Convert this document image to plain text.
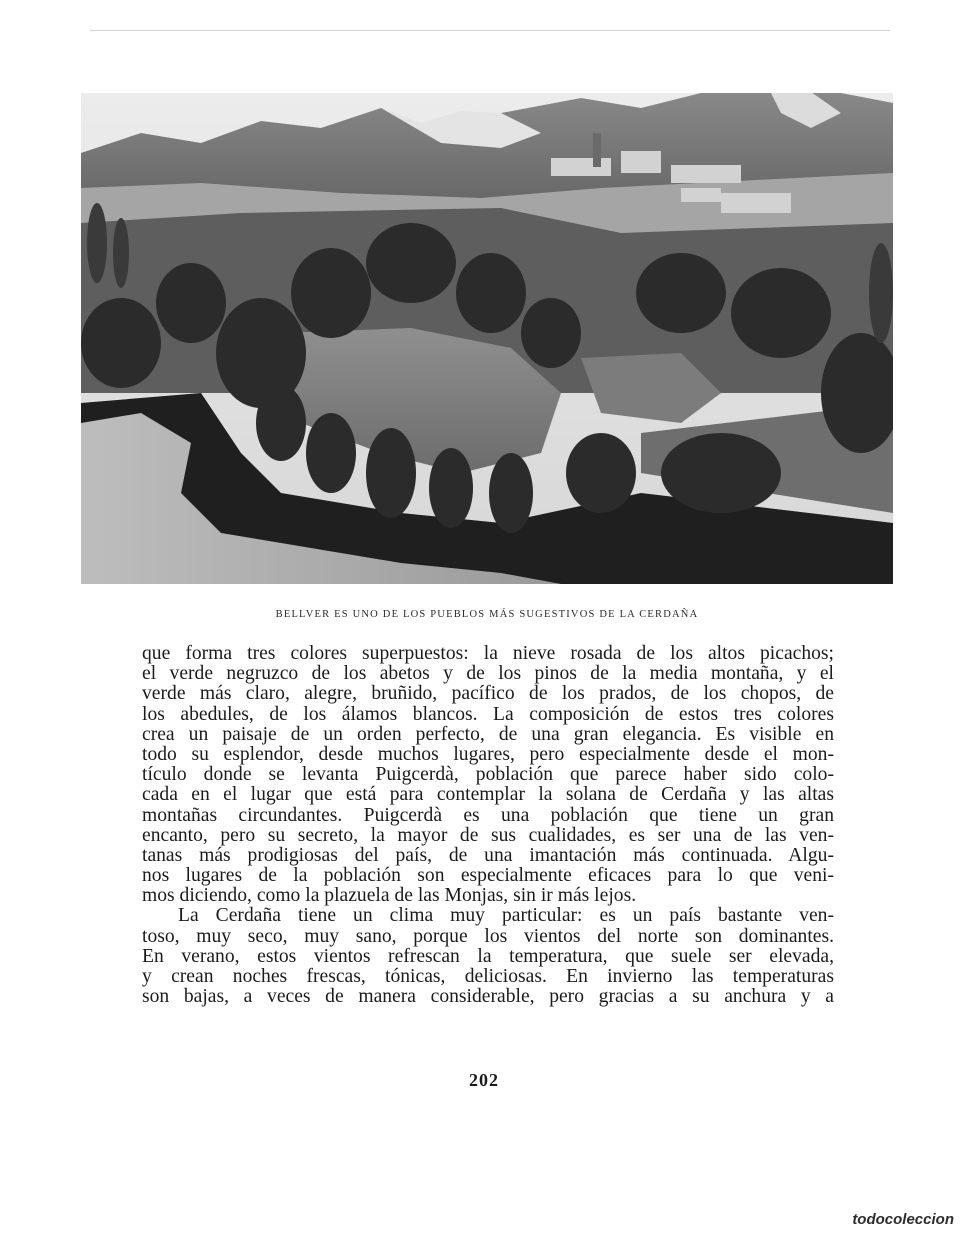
BELLVER ES UNO DE LOS PUEBLOS MÁS SUGESTIVOS DE LA CERDAÑA
que forma tres colores superpuestos: la nieve rosada de los altos picachos;
el verde negruzco de los abetos y de los pinos de la media montaña, y el
verde más claro, alegre, bruñido, pacífico de los prados, de los chopos, de
los abedules, de los álamos blancos. La composición de estos tres colores
crea un paisaje de un orden perfecto, de una gran elegancia. Es visible en
todo su esplendor, desde muchos lugares, pero especialmente desde el mon-
tículo donde se levanta Puigcerdà, población que parece haber sido colo-
cada en el lugar que está para contemplar la solana de Cerdaña y las altas
montañas circundantes. Puigcerdà es una población que tiene un gran
encanto, pero su secreto, la mayor de sus cualidades, es ser una de las ven-
tanas más prodigiosas del país, de una imantación más continuada. Algu-
nos lugares de la población son especialmente eficaces para lo que veni-
mos diciendo, como la plazuela de las Monjas, sin ir más lejos.
La Cerdaña tiene un clima muy particular: es un país bastante ven-
toso, muy seco, muy sano, porque los vientos del norte son dominantes.
En verano, estos vientos refrescan la temperatura, que suele ser elevada,
y crean noches frescas, tónicas, deliciosas. En invierno las temperaturas
son bajas, a veces de manera considerable, pero gracias a su anchura y a
202
todocoleccion
